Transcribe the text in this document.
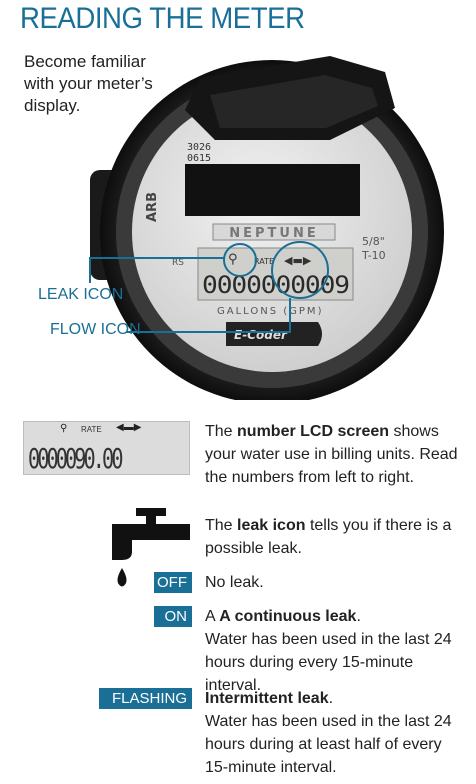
READING THE METER
Become familiar with your meter’s display.
NEPTUNE
3026
0615
ARB
⚲ RATE ◀▬▶
0000000009
RS
5/8"
T-10
GALLONS (GPM)
E-Coder
LEAK ICON
FLOW ICON
⚲ RATE ◀▬▶
0000090.00
The number LCD screen shows your water use in billing units. Read the numbers from left to right.
The leak icon tells you if there is a possible leak.
OFF	No leak.
ON	A A continuous leak.
Water has been used in the last 24 hours during every 15-minute interval.
FLASHING	Intermittent leak.
Water has been used in the last 24 hours during at least half of every 15-minute interval.
